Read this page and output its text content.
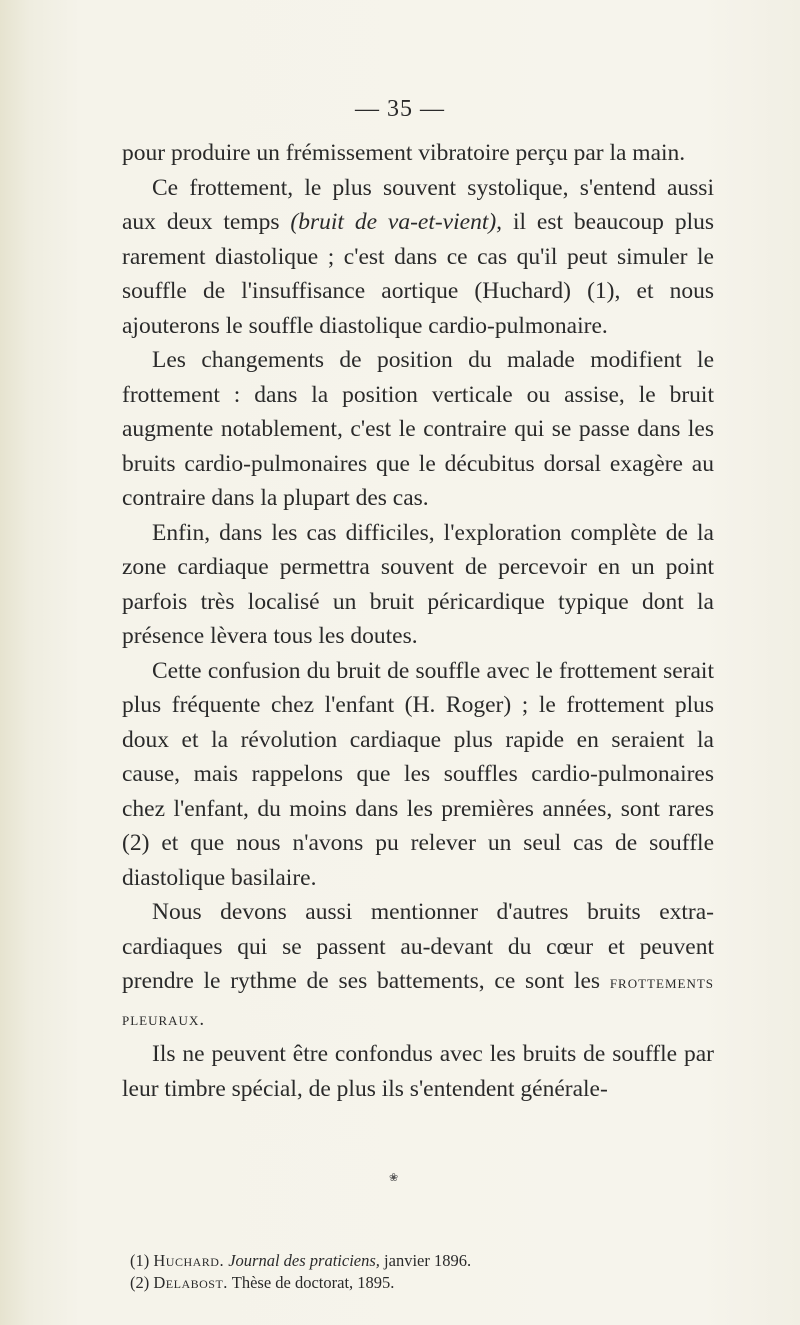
— 35 —

pour produire un frémissement vibratoire perçu par la main.

Ce frottement, le plus souvent systolique, s'entend aussi aux deux temps (bruit de va-et-vient), il est beaucoup plus rarement diastolique ; c'est dans ce cas qu'il peut simuler le souffle de l'insuffisance aortique (Huchard) (1), et nous ajouterons le souffle diastolique cardio-pulmonaire.

Les changements de position du malade modifient le frottement : dans la position verticale ou assise, le bruit augmente notablement, c'est le contraire qui se passe dans les bruits cardio-pulmonaires que le décubitus dorsal exagère au contraire dans la plupart des cas.

Enfin, dans les cas difficiles, l'exploration complète de la zone cardiaque permettra souvent de percevoir en un point parfois très localisé un bruit péricardique typique dont la présence lèvera tous les doutes.

Cette confusion du bruit de souffle avec le frottement serait plus fréquente chez l'enfant (H. Roger) ; le frottement plus doux et la révolution cardiaque plus rapide en seraient la cause, mais rappelons que les souffles cardio-pulmonaires chez l'enfant, du moins dans les premières années, sont rares (2) et que nous n'avons pu relever un seul cas de souffle diastolique basilaire.

Nous devons aussi mentionner d'autres bruits extra-cardiaques qui se passent au-devant du cœur et peuvent prendre le rythme de ses battements, ce sont les frottements pleuraux.

Ils ne peuvent être confondus avec les bruits de souffle par leur timbre spécial, de plus ils s'entendent générale-

❀

(1) Huchard. Journal des praticiens, janvier 1896.

(2) Delabost. Thèse de doctorat, 1895.
